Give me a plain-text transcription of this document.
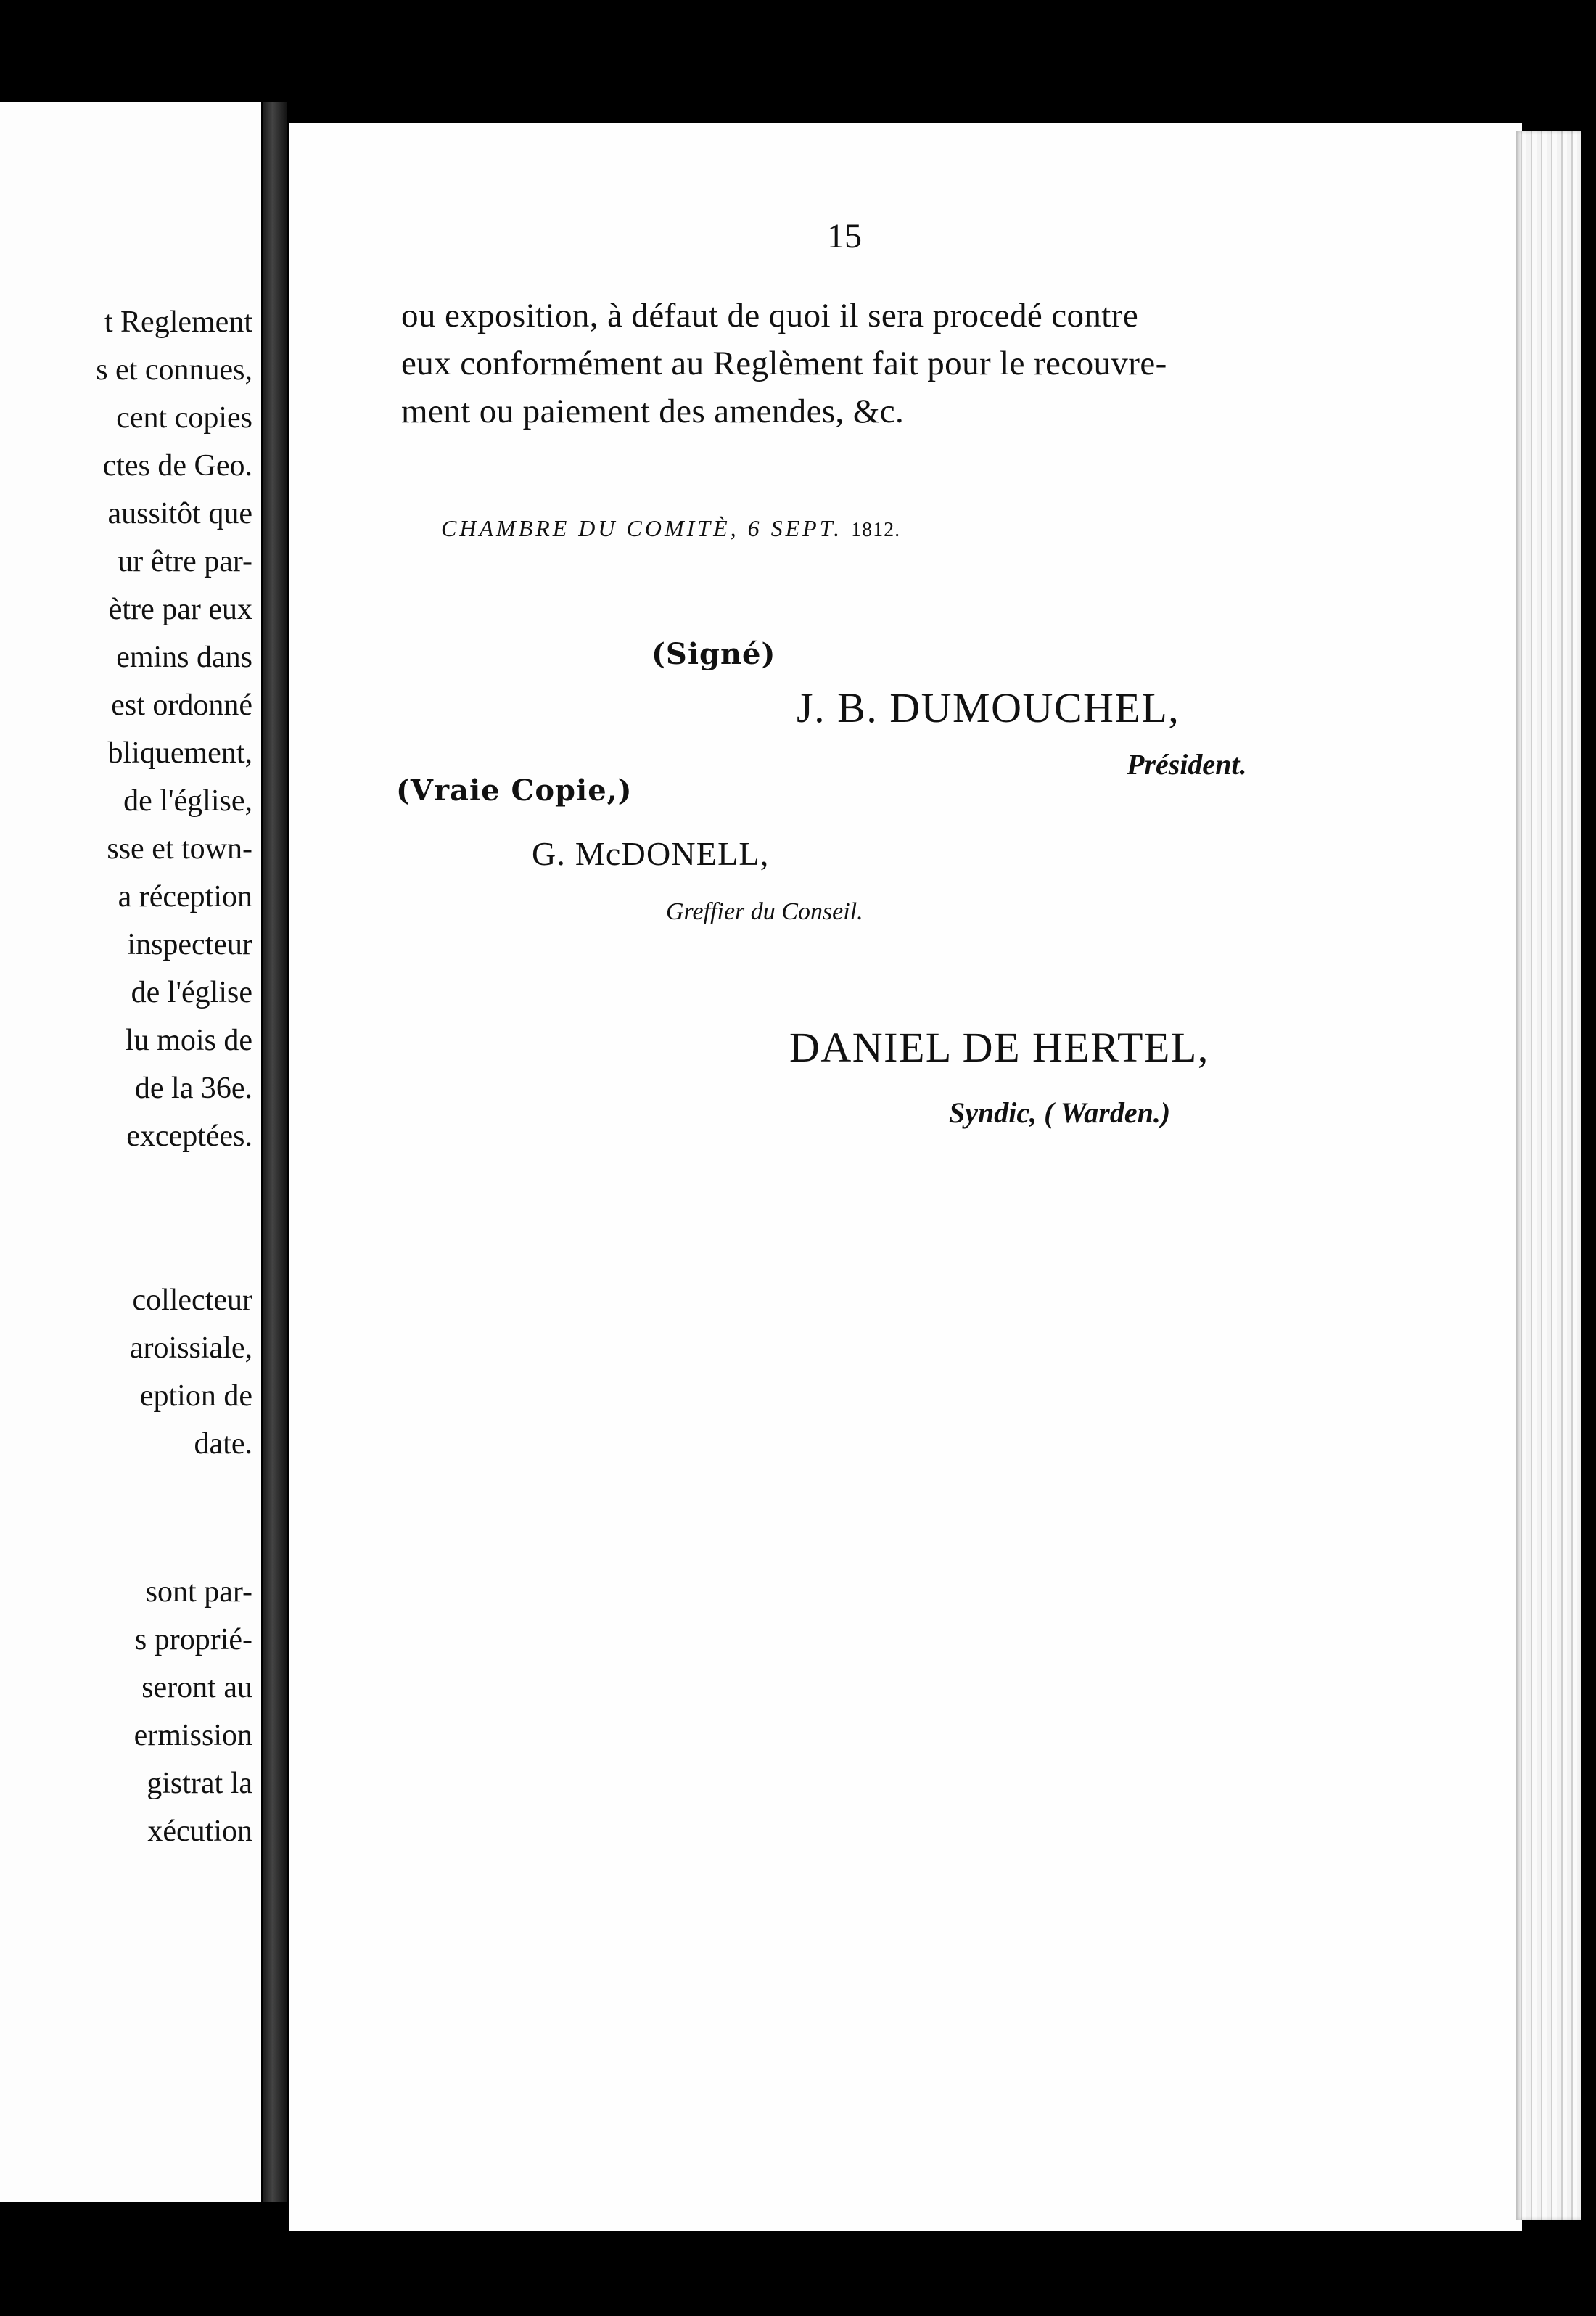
t Reglement
s et connues,
cent copies
ctes de Geo.
aussitôt que
ur être par-
ètre par eux
emins dans
est ordonné
bliquement,
de l'église,
sse et town-
a réception
inspecteur
de l'église
lu mois de
de la 36e.
exceptées.
collecteur
aroissiale,
eption de
date.
sont par-
s proprié-
seront au
ermission
gistrat la
xécution
15
ou exposition, à défaut de quoi il sera procedé contre
eux conformément au Reglèment fait pour le recouvre-
ment ou paiement des amendes, &c.
CHAMBRE DU COMITÈ, 6 SEPT. 1812.
(Signé)
J. B. DUMOUCHEL,
Président.
(Vraie Copie,)
G. McDONELL,
Greffier du Conseil.
DANIEL DE HERTEL,
Syndic, ( Warden.)
